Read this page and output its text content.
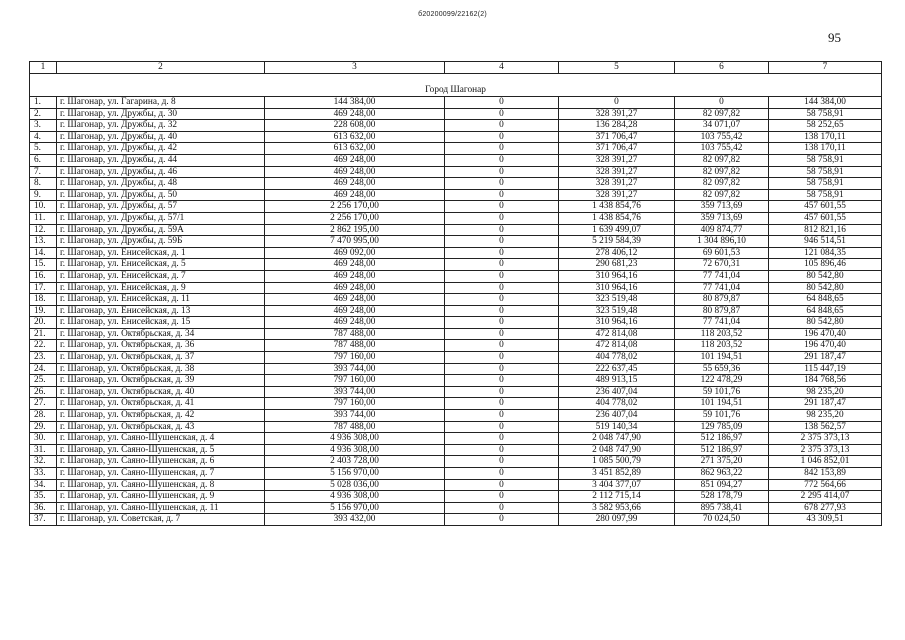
б20200099/22162(2)
95
1	2	3	4	5	6	7

Город Шагонар						
1.	г. Шагонар, ул. Гагарина, д. 8	144 384,00	0	0	0	144 384,00
2.	г. Шагонар, ул. Дружбы, д. 30	469 248,00	0	328 391,27	82 097,82	58 758,91
3.	г. Шагонар, ул. Дружбы, д. 32	228 608,00	0	136 284,28	34 071,07	58 252,65
4.	г. Шагонар, ул. Дружбы, д. 40	613 632,00	0	371 706,47	103 755,42	138 170,11
5.	г. Шагонар, ул. Дружбы, д. 42	613 632,00	0	371 706,47	103 755,42	138 170,11
6.	г. Шагонар, ул. Дружбы, д. 44	469 248,00	0	328 391,27	82 097,82	58 758,91
7.	г. Шагонар, ул. Дружбы, д. 46	469 248,00	0	328 391,27	82 097,82	58 758,91
8.	г. Шагонар, ул. Дружбы, д. 48	469 248,00	0	328 391,27	82 097,82	58 758,91
9.	г. Шагонар, ул. Дружбы, д. 50	469 248,00	0	328 391,27	82 097,82	58 758,91
10.	г. Шагонар, ул. Дружбы, д. 57	2 256 170,00	0	1 438 854,76	359 713,69	457 601,55
11.	г. Шагонар, ул. Дружбы, д. 57/1	2 256 170,00	0	1 438 854,76	359 713,69	457 601,55
12.	г. Шагонар, ул. Дружбы, д. 59А	2 862 195,00	0	1 639 499,07	409 874,77	812 821,16
13.	г. Шагонар, ул. Дружбы, д. 59Б	7 470 995,00	0	5 219 584,39	1 304 896,10	946 514,51
14.	г. Шагонар, ул. Енисейская, д. 1	469 092,00	0	278 406,12	69 601,53	121 084,35
15.	г. Шагонар, ул. Енисейская, д. 5	469 248,00	0	290 681,23	72 670,31	105 896,46
16.	г. Шагонар, ул. Енисейская, д. 7	469 248,00	0	310 964,16	77 741,04	80 542,80
17.	г. Шагонар, ул. Енисейская, д. 9	469 248,00	0	310 964,16	77 741,04	80 542,80
18.	г. Шагонар, ул. Енисейская, д. 11	469 248,00	0	323 519,48	80 879,87	64 848,65
19.	г. Шагонар, ул. Енисейская, д. 13	469 248,00	0	323 519,48	80 879,87	64 848,65
20.	г. Шагонар, ул. Енисейская, д. 15	469 248,00	0	310 964,16	77 741,04	80 542,80
21.	г. Шагонар, ул. Октябрьская, д. 34	787 488,00	0	472 814,08	118 203,52	196 470,40
22.	г. Шагонар, ул. Октябрьская, д. 36	787 488,00	0	472 814,08	118 203,52	196 470,40
23.	г. Шагонар, ул. Октябрьская, д. 37	797 160,00	0	404 778,02	101 194,51	291 187,47
24.	г. Шагонар, ул. Октябрьская, д. 38	393 744,00	0	222 637,45	55 659,36	115 447,19
25.	г. Шагонар, ул. Октябрьская, д. 39	797 160,00	0	489 913,15	122 478,29	184 768,56
26.	г. Шагонар, ул. Октябрьская, д. 40	393 744,00	0	236 407,04	59 101,76	98 235,20
27.	г. Шагонар, ул. Октябрьская, д. 41	797 160,00	0	404 778,02	101 194,51	291 187,47
28.	г. Шагонар, ул. Октябрьская, д. 42	393 744,00	0	236 407,04	59 101,76	98 235,20
29.	г. Шагонар, ул. Октябрьская, д. 43	787 488,00	0	519 140,34	129 785,09	138 562,57
30.	г. Шагонар, ул. Саяно-Шушенская, д. 4	4 936 308,00	0	2 048 747,90	512 186,97	2 375 373,13
31.	г. Шагонар, ул. Саяно-Шушенская, д. 5	4 936 308,00	0	2 048 747,90	512 186,97	2 375 373,13
32.	г. Шагонар, ул. Саяно-Шушенская, д. 6	2 403 728,00	0	1 085 500,79	271 375,20	1 046 852,01
33.	г. Шагонар, ул. Саяно-Шушенская, д. 7	5 156 970,00	0	3 451 852,89	862 963,22	842 153,89
34.	г. Шагонар, ул. Саяно-Шушенская, д. 8	5 028 036,00	0	3 404 377,07	851 094,27	772 564,66
35.	г. Шагонар, ул. Саяно-Шушенская, д. 9	4 936 308,00	0	2 112 715,14	528 178,79	2 295 414,07
36.	г. Шагонар, ул. Саяно-Шушенская, д. 11	5 156 970,00	0	3 582 953,66	895 738,41	678 277,93
37.	г. Шагонар, ул. Советская, д. 7	393 432,00	0	280 097,99	70 024,50	43 309,51
